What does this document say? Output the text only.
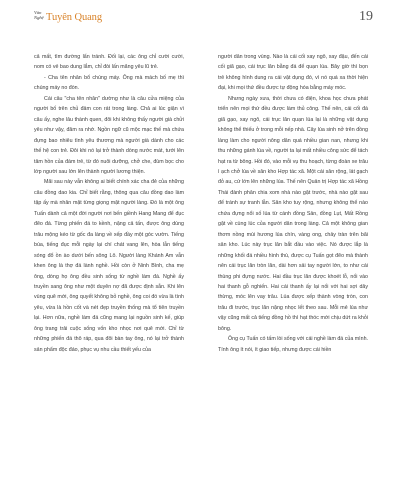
Văn Nghệ Tuyên Quang	19

cả mất, tìm đường lẩn tránh. Đối lại, các ông chỉ cười cười, nom có vẻ bao dung lắm, chỉ đòi lấn mãng yêu lũ trẻ.

- Cha tên nhân bổ chúng máy. Ông mà mách bố mẹ thì chúng máy no đòn.

Cái câu "cha tên nhân" dường như là câu cửa miệng của người bố trên chủ đảm con rát trong làng. Chả ai lúc giận vì câu ấy, nghe lâu thành quen, đôi khi không thấy người già chửi yêu như vậy, đâm ra nhớ. Ngồn ngữ cũ mộc mạc thế mà chứa đựng bao nhiêu tình yêu thương mà người già dành cho các thế hệ con trẻ. Đôi khi nó lại trở thành dòng nước mát, tưới lên tâm hồn của đám trẻ, từ đó nuôi dưỡng, chở che, đùm bọc cho lớp người sau lớn lên thành người lương thiện.

Mãi sau này vẫn không ai biết chính xác cha đẻ của những câu đồng dao kia. Chỉ biết rằng, thông qua câu đồng dao làm tập ấy mà nhân mật từng giọng mật người làng. Đó là một ông Tuấn dành cả một đời người nơi bến giềnh Hang Mang để đục đẽo đá. Từng phiến đá to kềnh, nặng cả tấn, được ông dùng trâu mộng kéo từ gốc đa làng về xếp đầy một góc vườn. Tiếng búa, tiếng đục mỗi ngày lại chí chát vang lên, hòa lẫn tiếng sóng đổ ồn ào dưới bến sông Lô. Người làng Khánh Am vẫn khen ông là thợ đá lành nghề. Hồi còn ở Ninh Bình, cha mẹ ông, dòng họ ông đều sinh sống từ nghề làm đá. Nghề ấy truyền sang ông như một duyên nợ đã được định sẵn. Khi lên vùng quê mới, ông quyết không bỏ nghề, ông coi đó vừa là tình yêu, vừa là hồn cốt và nét đẹp truyền thống mà tổ tiên truyền lại. Hơn nữa, nghề làm đá cũng mang lại nguồn sinh kế, giúp ông trang trải cuộc sống vốn kho nhọc nơi quê mới. Chỉ từ những phiến đá thô ráp, qua đôi bàn tay ông, nó lại trở thành sản phẩm độc đáo, phục vụ nhu cầu thiết yếu của

người dân trong vùng. Nào là cái cối xay ngô, xay đậu, đến cái cối giã gạo, cái trục lăn bằng đá để quạn lúa. Bây giờ thì bọn trẻ không hình dung ra cái vật dụng đó, vì nó quá xa thời hiện đại, khi mọi thứ đều được tự động hóa bằng máy móc.

Nhưng ngày xưa, thời chưa có điện, khoa học chưa phát triển nên mọi thứ đều được làm thủ công. Thế nên, cái cối đá giã gạo, xay ngô, cái trục lăn quạn lúa lại là những vật dụng không thể thiếu ở trong mỗi nếp nhà. Cây lúa sinh nở trên đồng làng làm cho người nông dân quá nhiều gian nan, nhưng khi thu những gánh lúa về, người ta lại mất nhiều công sức để tách hạt ra từ bông. Hồi đó, vào mỗi vụ thu hoạch, từng đoàn xe trâu ì ạch chở lúa về sân kho Hợp tác xã. Một cái sân rộng, lát gạch đỏ au, cứ lớn lên những lúa. Thế nên Quản trị Hợp tác xã Hồng Thái đành phân chia xom nhà nào gặt trước, nhà nào gặt sau để tránh sự tranh lẫn. Sân kho tuy rộng, nhưng không thể nào chứa đựng nổi số lúa từ cánh đồng Sản, đồng Lụt, Mất Rồng gặt về cùng lúc của người dân trong làng. Cả một không gian thơm nồng mùi hương lúa chín, vàng ong, chảy tràn trên bãi sân kho. Lúc này trục lăn bắt đầu vào việc. Nó được lắp là những khối đá nhiều hình thù, được cụ Tuấn gọt đẽo mà thành nên cái trục lăn tròn lăn, dài hơn sải tay người lớn, to như cái thùng phi đựng nước. Hai đầu trục lăn được khoét lỗ, nối vào hai thanh gỗ nghiến. Hai cái thanh ấy lại nối với hai sợi dây thừng, móc lên vay trâu. Lúa được xếp thành vòng tròn, con trâu đi trước, trục lăn nặng nhọc lết theo sau. Mỗi mẻ lúa như vậy cũng mất cả tiếng đồng hồ thì hạt thóc mới chịu dứt ra khỏi bông.

Ông cụ Tuấn có tấm lòi sống với cái nghề làm đá của mình. Tính ông ít nói, ít giao tiếp, nhưng được cái hiền
